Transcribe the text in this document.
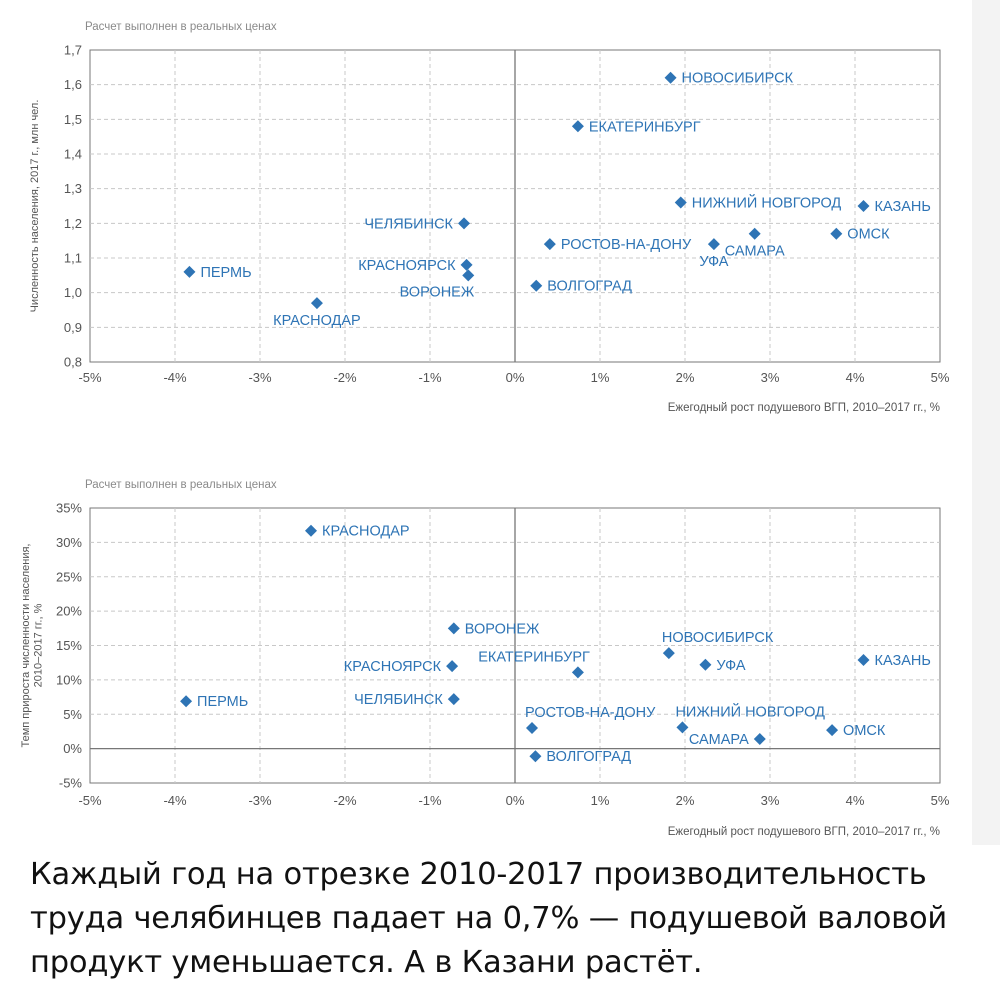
Расчет выполнен в реальных ценах
-5%	-4%	-3%	-2%	-1%	0%	1%	2%	3%	4%	5%
0,8
0,9
1,0
1,1
1,2
1,3
1,4
1,5
1,6
1,7
Ежегодный рост подушевого ВГП, 2010–2017 гг., %
Численность населения, 2017 г., млн чел.
НОВОСИБИРСК
ЕКАТЕРИНБУРГ
НИЖНИЙ НОВГОРОД КАЗАНЬ
ОМСК
САМАРА
УФА
РОСТОВ-НА-ДОНУ
ЧЕЛЯБИНСК
КРАСНОЯРСК
ВОРОНЕЖ	ВОЛГОГРАД
ПЕРМЬ
КРАСНОДАР
Расчет выполнен в реальных ценах
-5%	-4%	-3%	-2%	-1%	0%	1%	2%	3%	4%	5%
-5%
0%
5%
10%
15%
20%
25%
30%
35%
Ежегодный рост подушевого ВГП, 2010–2017 гг., %
Темп прироста численности населения,2010–2017 гг., %
КРАСНОДАР
ВОРОНЕЖ
КРАСНОЯРСК
ЧЕЛЯБИНСК
ПЕРМЬ
ЕКАТЕРИНБУРГ
НОВОСИБИРСК
УФА	КАЗАНЬ
РОСТОВ-НА-ДОНУ НИЖНИЙ НОВГОРОД
САМАРА
ОМСК
ВОЛГОГРАД
Каждый год на отрезке 2010-2017 производительность труда челябинцев падает на 0,7% — подушевой валовой продукт уменьшается. А в Казани растёт.
